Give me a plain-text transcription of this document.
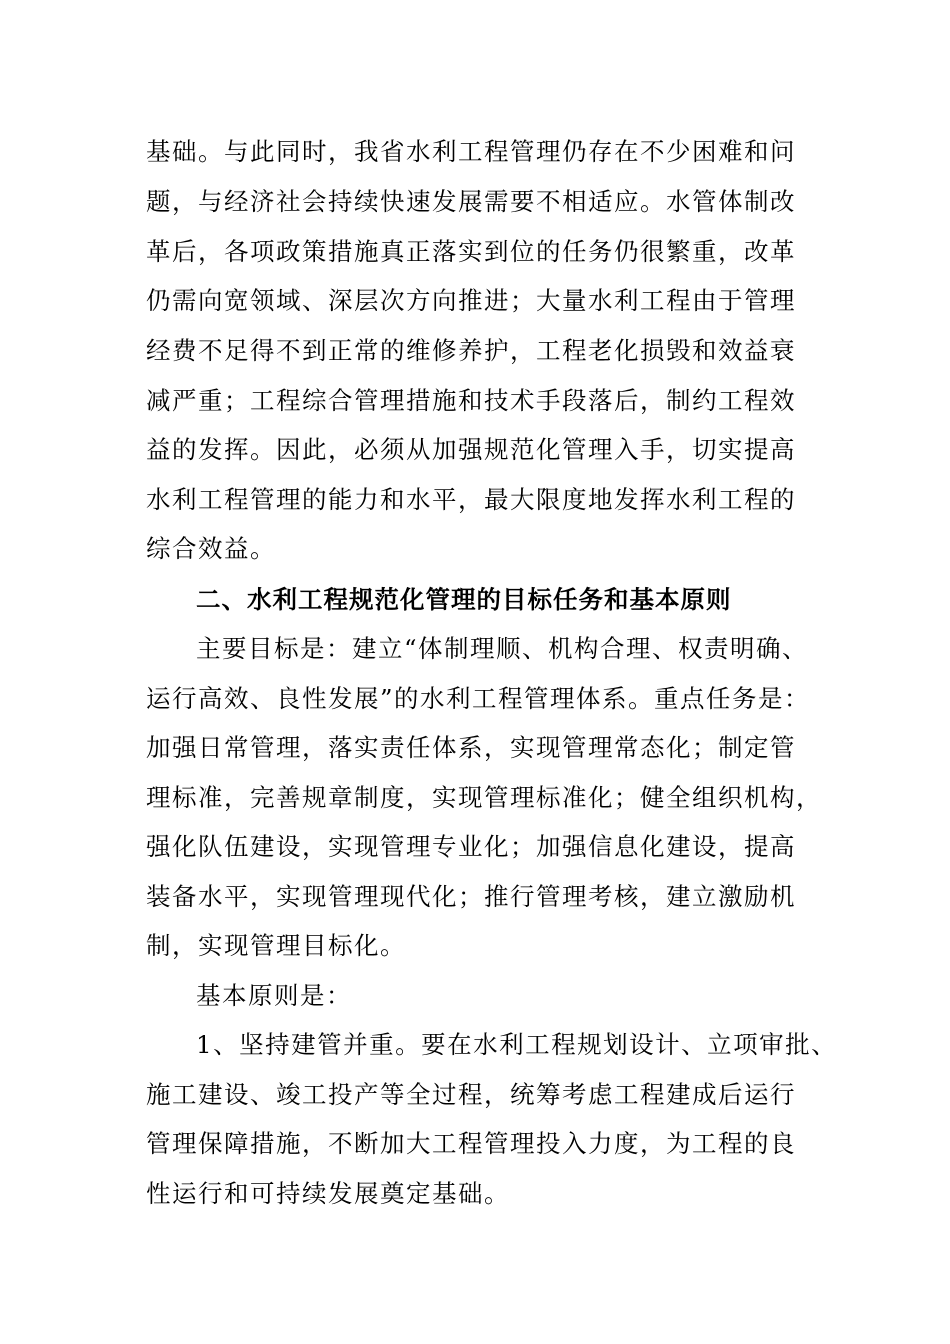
基础。与此同时，我省水利工程管理仍存在不少困难和问
题，与经济社会持续快速发展需要不相适应。水管体制改
革后，各项政策措施真正落实到位的任务仍很繁重，改革
仍需向宽领域、深层次方向推进；大量水利工程由于管理
经费不足得不到正常的维修养护，工程老化损毁和效益衰
减严重；工程综合管理措施和技术手段落后，制约工程效
益的发挥。因此，必须从加强规范化管理入手，切实提高
水利工程管理的能力和水平，最大限度地发挥水利工程的
综合效益。
二、水利工程规范化管理的目标任务和基本原则
主要目标是：建立“体制理顺、机构合理、权责明确、
运行高效、良性发展”的水利工程管理体系。重点任务是：
加强日常管理，落实责任体系，实现管理常态化；制定管
理标准，完善规章制度，实现管理标准化；健全组织机构，
强化队伍建设，实现管理专业化；加强信息化建设，提高
装备水平，实现管理现代化；推行管理考核，建立激励机
制，实现管理目标化。
基本原则是：
1、坚持建管并重。要在水利工程规划设计、立项审批、
施工建设、竣工投产等全过程，统筹考虑工程建成后运行
管理保障措施，不断加大工程管理投入力度，为工程的良
性运行和可持续发展奠定基础。
